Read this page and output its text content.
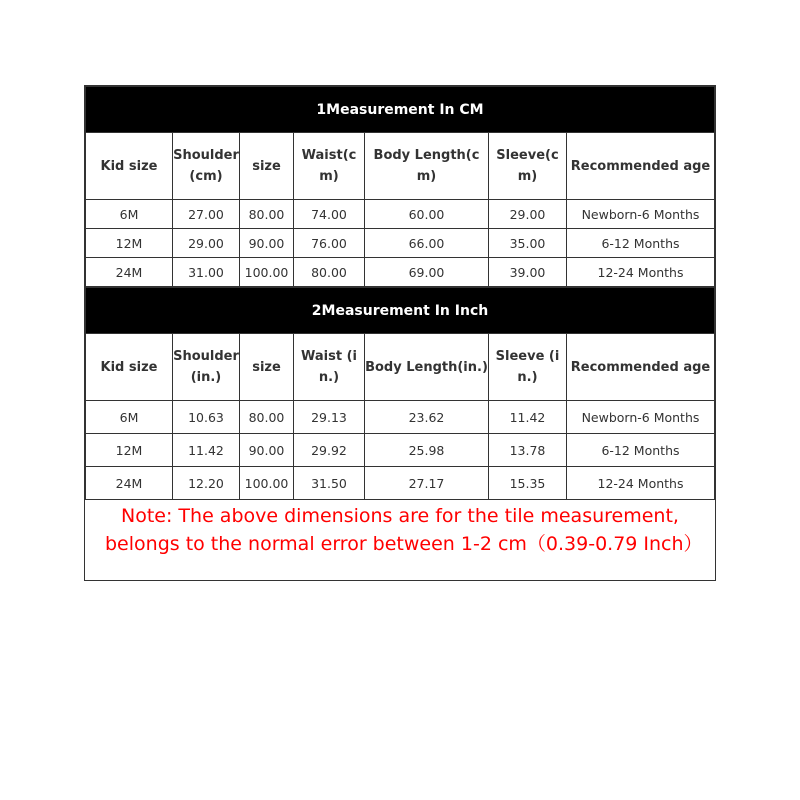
1Measurement In CM						
Kid size	Shoulder(cm)	size	Waist(cm)	Body Length(cm)	Sleeve(cm)	Recommended age
6M	27.00	80.00	74.00	60.00	29.00	Newborn-6 Months
12M	29.00	90.00	76.00	66.00	35.00	6-12 Months
24M	31.00	100.00	80.00	69.00	39.00	12-24 Months
2Measurement In Inch						
Kid size	Shoulder(in.)	size	Waist (in.)	Body Length(in.)	Sleeve (in.)	Recommended age
6M	10.63	80.00	29.13	23.62	11.42	Newborn-6 Months
12M	11.42	90.00	29.92	25.98	13.78	6-12 Months
24M	12.20	100.00	31.50	27.17	15.35	12-24 Months
Note: The above dimensions are for the tile measurement, belongs to the normal error between 1-2 cm（0.39-0.79 Inch）
